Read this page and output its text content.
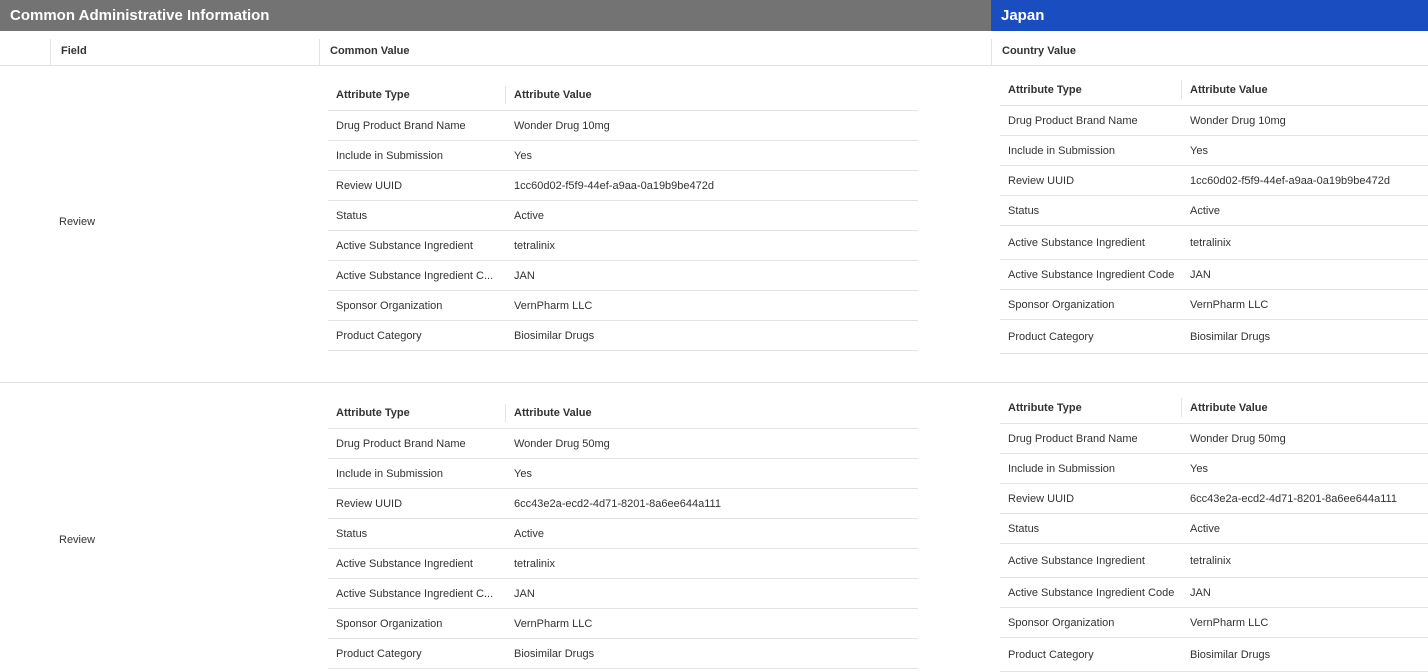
Common Administrative Information	Japan
Field	Common Value	Country Value
Review
Attribute Type	Attribute Value
Drug Product Brand Name	Wonder Drug 10mg
Include in Submission	Yes
Review UUID	1cc60d02-f5f9-44ef-a9aa-0a19b9be472d
Status	Active
Active Substance Ingredient	tetralinix
Active Substance Ingredient C...	JAN
Sponsor Organization	VernPharm LLC
Product Category	Biosimilar Drugs
Attribute Type	Attribute Value
Drug Product Brand Name	Wonder Drug 10mg
Include in Submission	Yes
Review UUID	1cc60d02-f5f9-44ef-a9aa-0a19b9be472d
Status	Active
Active Substance Ingredient	tetralinix
Active Substance Ingredient Code	JAN
Sponsor Organization	VernPharm LLC
Product Category	Biosimilar Drugs
Review
Attribute Type	Attribute Value
Drug Product Brand Name	Wonder Drug 50mg
Include in Submission	Yes
Review UUID	6cc43e2a-ecd2-4d71-8201-8a6ee644a111
Status	Active
Active Substance Ingredient	tetralinix
Active Substance Ingredient C...	JAN
Sponsor Organization	VernPharm LLC
Product Category	Biosimilar Drugs
Attribute Type	Attribute Value
Drug Product Brand Name	Wonder Drug 50mg
Include in Submission	Yes
Review UUID	6cc43e2a-ecd2-4d71-8201-8a6ee644a111
Status	Active
Active Substance Ingredient	tetralinix
Active Substance Ingredient Code	JAN
Sponsor Organization	VernPharm LLC
Product Category	Biosimilar Drugs
